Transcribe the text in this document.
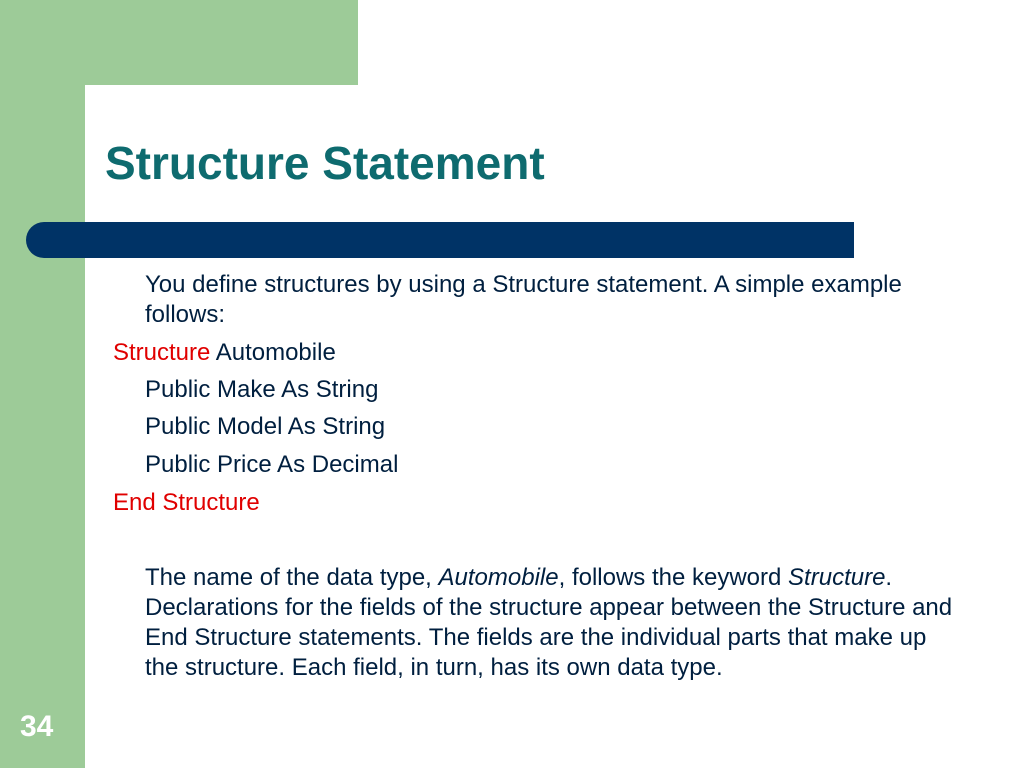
Structure Statement

You define structures by using a Structure statement. A simple example follows:

Structure Automobile

Public Make As String

Public Model As String

Public Price As Decimal

End Structure

The name of the data type, Automobile, follows the keyword Structure. Declarations for the fields of the structure appear between the Structure and End Structure statements. The fields are the individual parts that make up the structure. Each field, in turn, has its own data type.

34
